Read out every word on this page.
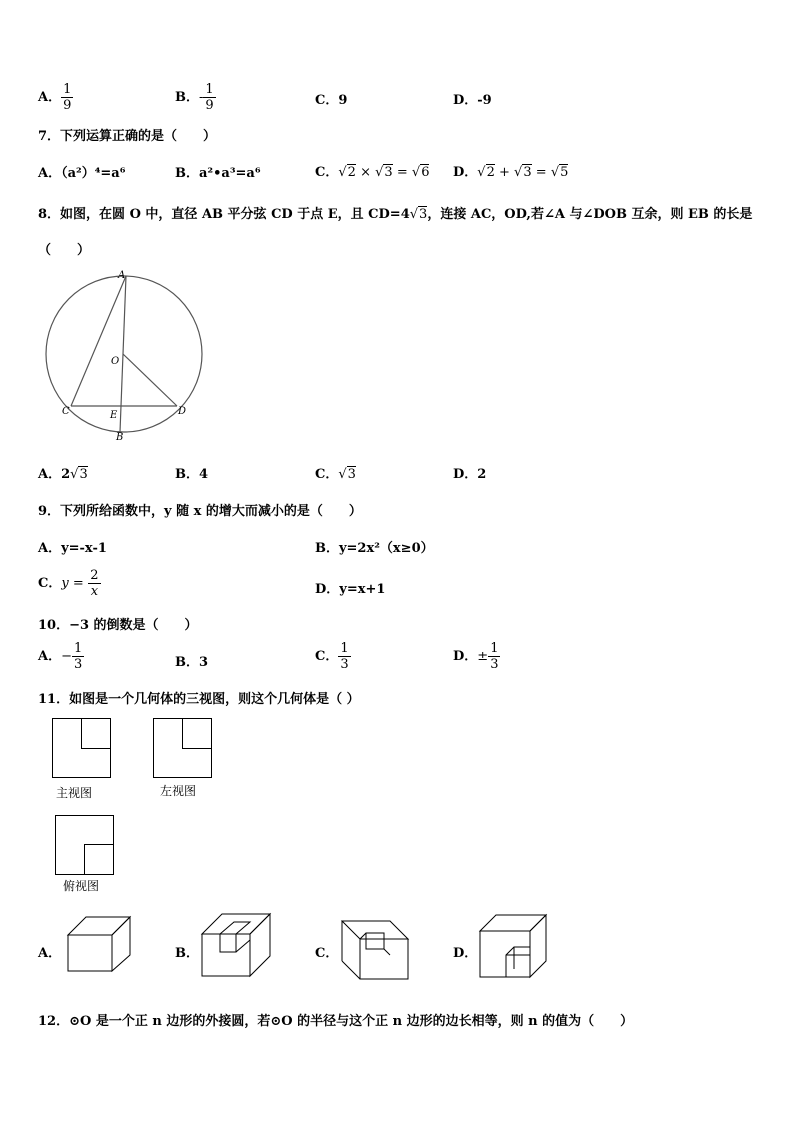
A． $\frac{1}{9}$	B．- $\frac{1}{9}$	C．9	D．-9
7．下列运算正确的是（　　）
A．（a²）⁴=a⁶	B．a²•a³=a⁶	C．√2 × √3 = √6 D．√2 + √3 = √5
8．如图，在圆 O 中，直径 AB 平分弦 CD 于点 E，且 CD=4√3，连接 AC，OD,若∠A 与∠DOB 互余，则 EB 的长是
（　　）
A
O
C	E	D
B
A．2√3	B．4	C．√3	D．2
9．下列所给函数中，y 随 x 的增大而减小的是（　　）
A．y=-x-1	B．y=2x²（x≥0）
C．$y = \frac{2}{x}$	D．y=x+1
10．−3 的倒数是（　　）
A．− $\frac{1}{3}$	B．3	C． $\frac{1}{3}$	D．± $\frac{1}{3}$
11．如图是一个几何体的三视图，则这个几何体是（ ）
主视图	左视图
俯视图
A．	B．	C．	D．
12．⊙O 是一个正 n 边形的外接圆，若⊙O 的半径与这个正 n 边形的边长相等，则 n 的值为（　　）
